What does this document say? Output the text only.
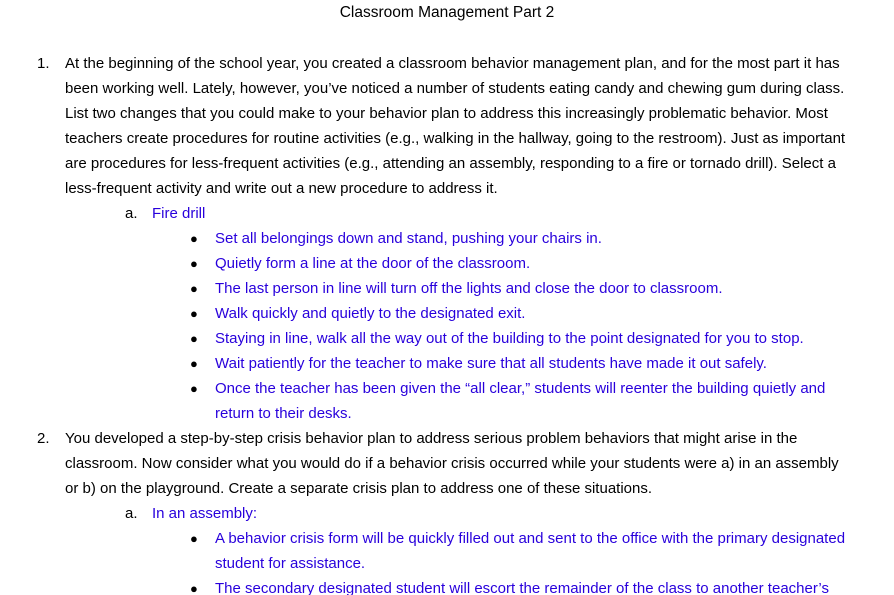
Classroom Management Part 2
1.	At the beginning of the school year, you created a classroom behavior management plan, and for the most part it has been working well. Lately, however, you’ve noticed a number of students eating candy and chewing gum during class. List two changes that you could make to your behavior plan to address this increasingly problematic behavior. Most teachers create procedures for routine activities (e.g., walking in the hallway, going to the restroom). Just as important are procedures for less-frequent activities (e.g., attending an assembly, responding to a fire or tornado drill). Select a less-frequent activity and write out a new procedure to address it.

a. Fire drill
●	Set all belongings down and stand, pushing your chairs in.
●	Quietly form a line at the door of the classroom.
●	The last person in line will turn off the lights and close the door to classroom.
●	Walk quickly and quietly to the designated exit.
●	Staying in line, walk all the way out of the building to the point designated for you to stop.
●	Wait patiently for the teacher to make sure that all students have made it out safely.
●	Once the teacher has been given the “all clear,” students will reenter the building quietly and return to their desks.
2.	You developed a step-by-step crisis behavior plan to address serious problem behaviors that might arise in the classroom. Now consider what you would do if a behavior crisis occurred while your students were a) in an assembly or b) on the playground. Create a separate crisis plan to address one of these situations.

a. In an assembly:
●	A behavior crisis form will be quickly filled out and sent to the office with the primary designated student for assistance.
●	The secondary designated student will escort the remainder of the class to another teacher’s
